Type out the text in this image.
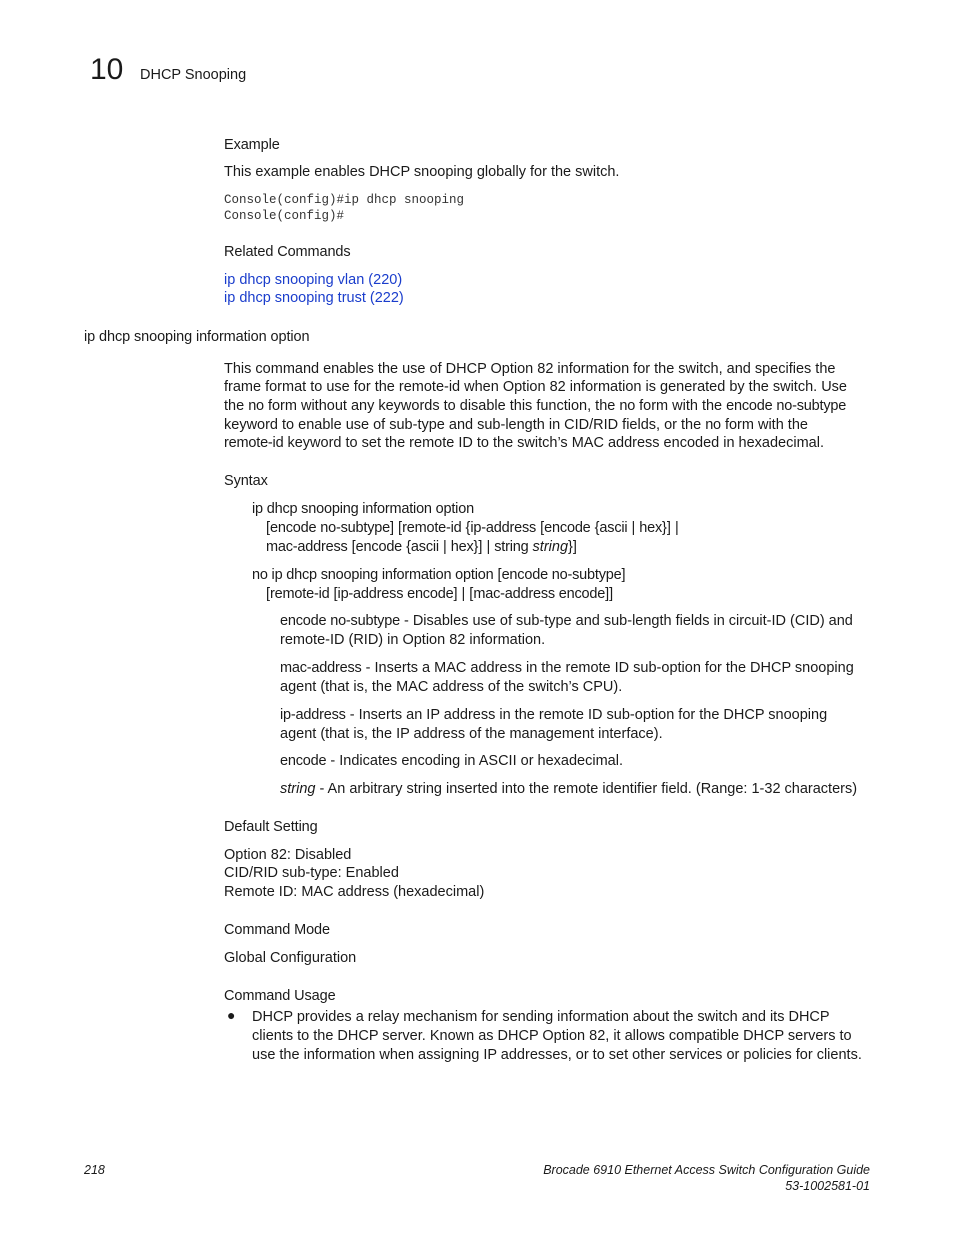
10 DHCP Snooping
Example
This example enables DHCP snooping globally for the switch.
Console(config)#ip dhcp snooping
Console(config)#
Related Commands
ip dhcp snooping vlan (220)
ip dhcp snooping trust (222)
ip dhcp snooping information option
This command enables the use of DHCP Option 82 information for the switch, and specifies the
frame format to use for the remote-id when Option 82 information is generated by the switch. Use
the no form without any keywords to disable this function, the no form with the encode no-subtype
keyword to enable use of sub-type and sub-length in CID/RID fields, or the no form with the
remote-id keyword to set the remote ID to the switch’s MAC address encoded in hexadecimal.
Syntax
ip dhcp snooping information option
[encode no-subtype] [remote-id {ip-address [encode {ascii | hex}] |
mac-address [encode {ascii | hex}] | string string}]
no ip dhcp snooping information option [encode no-subtype]
[remote-id [ip-address encode] | [mac-address encode]]
encode no-subtype - Disables use of sub-type and sub-length fields in circuit-ID (CID) and
remote-ID (RID) in Option 82 information.
mac-address - Inserts a MAC address in the remote ID sub-option for the DHCP snooping
agent (that is, the MAC address of the switch’s CPU).
ip-address - Inserts an IP address in the remote ID sub-option for the DHCP snooping
agent (that is, the IP address of the management interface).
encode - Indicates encoding in ASCII or hexadecimal.
string - An arbitrary string inserted into the remote identifier field. (Range: 1-32 characters)
Default Setting
Option 82: Disabled
CID/RID sub-type: Enabled
Remote ID: MAC address (hexadecimal)
Command Mode
Global Configuration
Command Usage
● DHCP provides a relay mechanism for sending information about the switch and its DHCP
clients to the DHCP server. Known as DHCP Option 82, it allows compatible DHCP servers to
use the information when assigning IP addresses, or to set other services or policies for clients.
218	Brocade 6910 Ethernet Access Switch Configuration Guide
53-1002581-01
